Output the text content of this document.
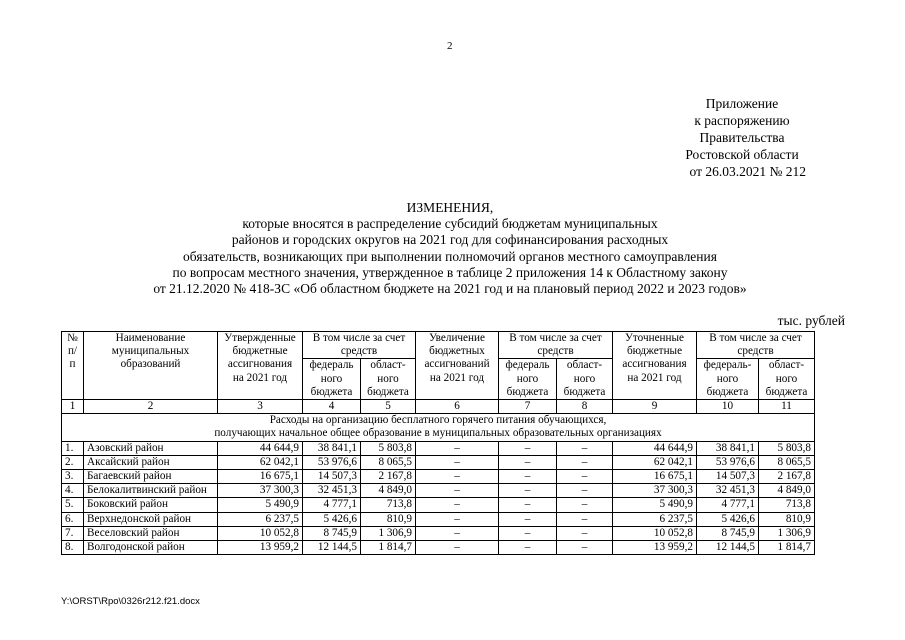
2
Приложение
к распоряжению
Правительства
Ростовской области
от 26.03.2021 № 212
ИЗМЕНЕНИЯ,
которые вносятся в распределение субсидий бюджетам муниципальных
районов и городских округов на 2021 год для софинансирования расходных
обязательств, возникающих при выполнении полномочий органов местного самоуправления
по вопросам местного значения, утвержденное в таблице 2 приложения 14 к Областному закону
от 21.12.2020 № 418-ЗС «Об областном бюджете на 2021 год и на плановый период 2022 и 2023 годов»
тыс. рублей
№ п/п	Наименование муниципальных образований	Утвержденные бюджетные ассигнования на 2021 год	В том числе за счет средств		Увеличение бюджетных ассигнований на 2021 год	В том числе за счет средств		Уточненные бюджетные ассигнования на 2021 год	В том числе за счет средств	
			федераль ного бюджета	област- ного бюджета		федераль ного бюджета	област- ного бюджета		федераль- ного бюджета	област- ного бюджета
1	2	3	4	5	6	7	8	9	10	11

Расходы на организацию бесплатного горячего питания обучающихся,
получающих начальное общее образование в муниципальных образовательных организациях										

1.	Азовский район	44 644,9	38 841,1	5 803,8	–	–	–	44 644,9	38 841,1	5 803,8
2.	Аксайский район	62 042,1	53 976,6	8 065,5	–	–	–	62 042,1	53 976,6	8 065,5
3.	Багаевский район	16 675,1	14 507,3	2 167,8	–	–	–	16 675,1	14 507,3	2 167,8
4.	Белокалитвинский район	37 300,3	32 451,3	4 849,0	–	–	–	37 300,3	32 451,3	4 849,0
5.	Боковский район	5 490,9	4 777,1	713,8	–	–	–	5 490,9	4 777,1	713,8
6.	Верхнедонской район	6 237,5	5 426,6	810,9	–	–	–	6 237,5	5 426,6	810,9
7.	Веселовский район	10 052,8	8 745,9	1 306,9	–	–	–	10 052,8	8 745,9	1 306,9
8.	Волгодонской район	13 959,2	12 144,5	1 814,7	–	–	–	13 959,2	12 144,5	1 814,7
Y:\ORST\Rpo\0326r212.f21.docx
